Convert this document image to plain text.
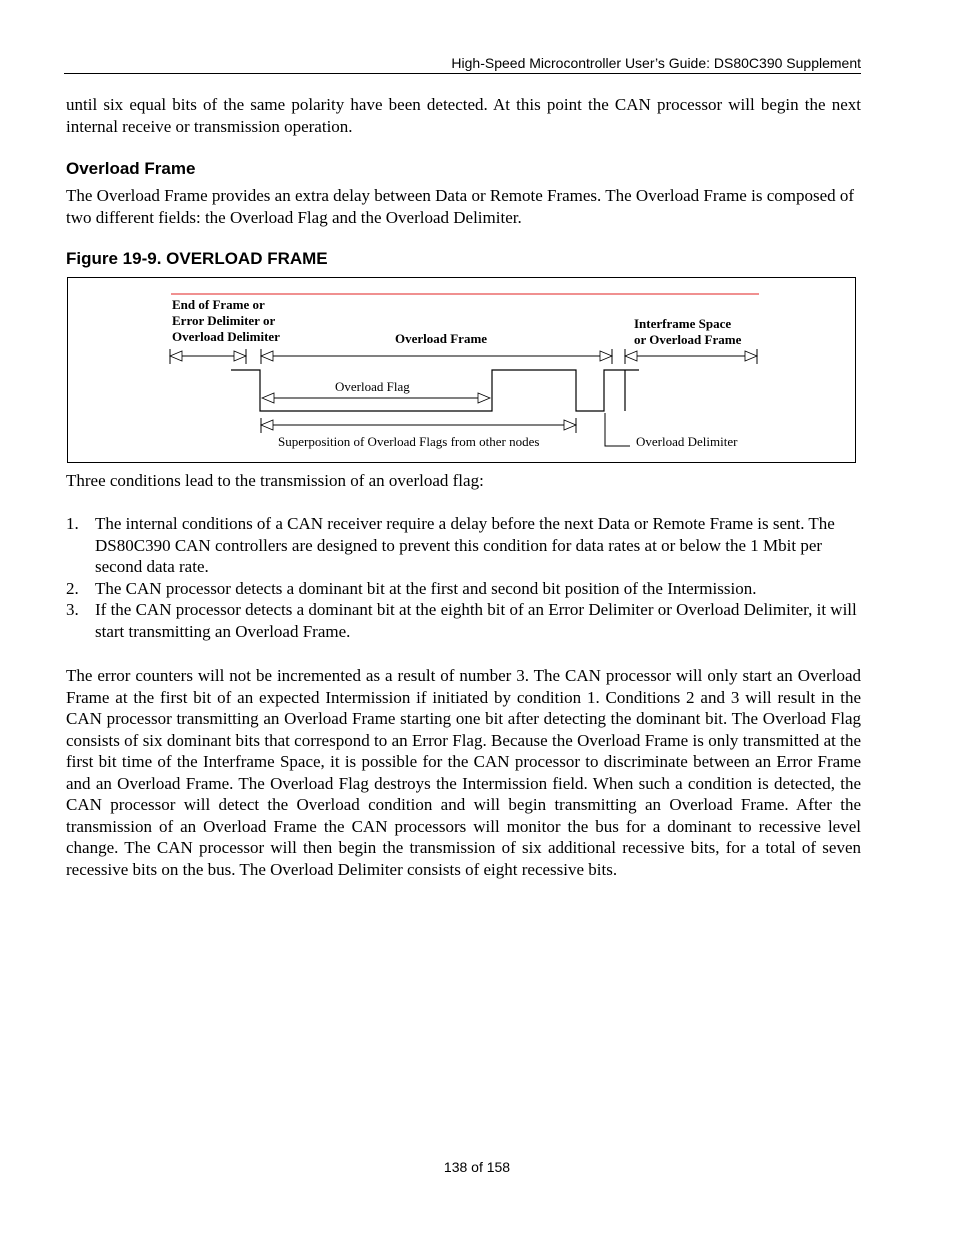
High-Speed Microcontroller User’s Guide: DS80C390 Supplement
until six equal bits of the same polarity have been detected. At this point the CAN processor will begin the next internal receive or transmission operation.
Overload Frame
The Overload Frame provides an extra delay between Data or Remote Frames. The Overload Frame is composed of two different fields: the Overload Flag and the Overload Delimiter.
Figure 19-9. OVERLOAD FRAME
End of Frame or
Error Delimiter or
Overload Delimiter	Overload Frame
Interframe Space
or Overload Frame
Overload Flag
Superposition of Overload Flags from other nodes	Overload Delimiter
Three conditions lead to the transmission of an overload flag:
1. The internal conditions of a CAN receiver require a delay before the next Data or Remote Frame is sent. The DS80C390 CAN controllers are designed to prevent this condition for data rates at or below the 1 Mbit per second data rate.
2. The CAN processor detects a dominant bit at the first and second bit position of the Intermission.
3. If the CAN processor detects a dominant bit at the eighth bit of an Error Delimiter or Overload Delimiter, it will start transmitting an Overload Frame.
The error counters will not be incremented as a result of number 3. The CAN processor will only start an Overload Frame at the first bit of an expected Intermission if initiated by condition 1. Conditions 2 and 3 will result in the CAN processor transmitting an Overload Frame starting one bit after detecting the dominant bit. The Overload Flag consists of six dominant bits that correspond to an Error Flag. Because the Overload Frame is only transmitted at the first bit time of the Interframe Space, it is possible for the CAN processor to discriminate between an Error Frame and an Overload Frame. The Overload Flag destroys the Intermission field. When such a condition is detected, the CAN processor will detect the Overload condition and will begin transmitting an Overload Frame. After the transmission of an Overload Frame the CAN processors will monitor the bus for a dominant to recessive level change. The CAN processor will then begin the transmission of six additional recessive bits, for a total of seven recessive bits on the bus. The Overload Delimiter consists of eight recessive bits.
138 of 158
